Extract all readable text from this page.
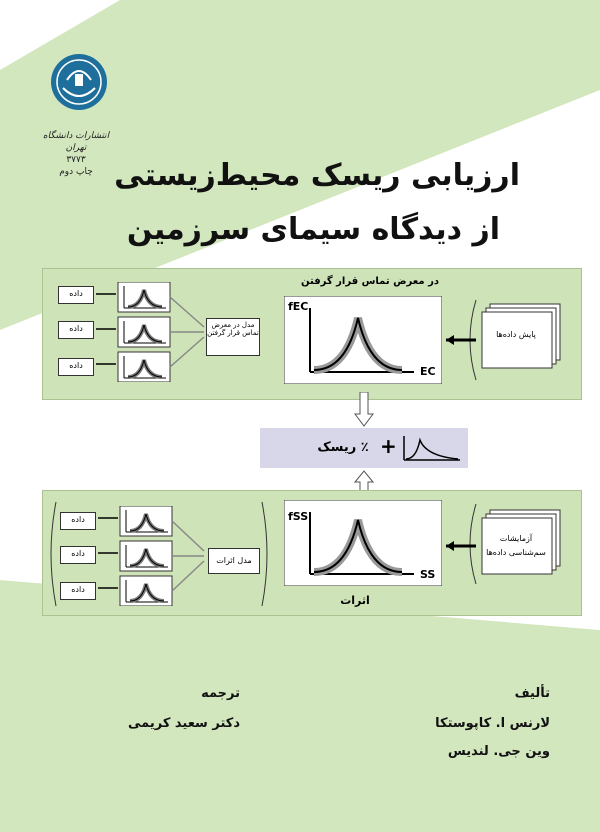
انتشارات دانشگاه تهران
۳۷۷۳
چاپ دوم ارزیابی ریسک محیط‌زیستی
از دیدگاه سیمای سرزمین
در معرض تماس قرار گرفتن
داده
داده
داده
مدل در معرض تماس قرار گرفتن
fEC
EC
پایش داده‌ها
٪ ریسک +
داده
داده
داده
مدل اثرات
fSS
SS
اثرات
آزمایشات
سم‌شناسی داده‌ها
تألیف
لارنس ا. کاپوستکا
وین جی. لندیس
ترجمه
دکتر سعید کریمی
